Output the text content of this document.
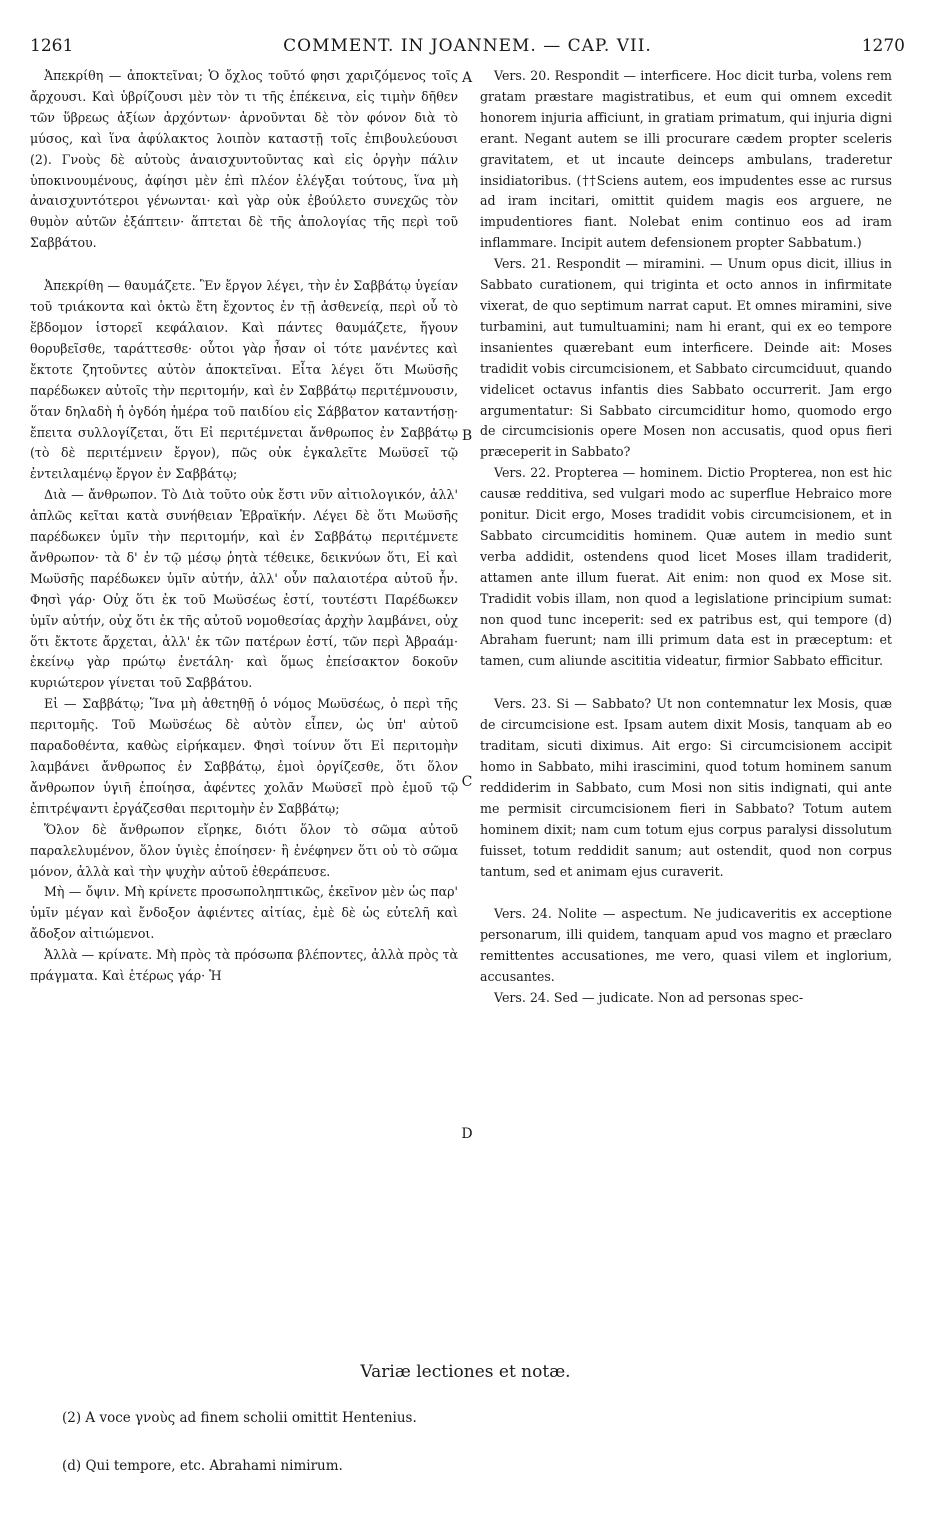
1261	COMMENT. IN JOANNEM. — CAP. VII.	1270

Ἀπεκρίθη — ἀποκτεῖναι; Ὁ ὄχλος τοῦτό φησι χαριζόμενος τοῖς ἄρχουσι. Καὶ ὑβρίζουσι μὲν τὸν τι τῆς ἐπέκεινα, εἰς τιμὴν δῆθεν τῶν ὕβρεως ἀξίων ἀρχόντων· ἀρνοῦνται δὲ τὸν φόνον διὰ τὸ μύσος, καὶ ἵνα ἀφύλακτος λοιπὸν καταστῇ τοῖς ἐπιβουλεύουσι (2). Γνοὺς δὲ αὐτοὺς ἀναισχυντοῦντας καὶ εἰς ὀργὴν πάλιν ὑποκινουμένους, ἀφίησι μὲν ἐπὶ πλέον ἐλέγξαι τούτους, ἵνα μὴ ἀναισχυντότεροι γένωνται· καὶ γὰρ οὐκ ἐβούλετο συνεχῶς τὸν θυμὸν αὐτῶν ἐξάπτειν· ἅπτεται δὲ τῆς ἀπολογίας τῆς περὶ τοῦ Σαββάτου.

Ἀπεκρίθη — θαυμάζετε. Ἓν ἔργον λέγει, τὴν ἐν Σαββάτῳ ὑγείαν τοῦ τριάκοντα καὶ ὀκτὼ ἔτη ἔχοντος ἐν τῇ ἀσθενείᾳ, περὶ οὗ τὸ ἕβδομον ἱστορεῖ κεφάλαιον. Καὶ πάντες θαυμάζετε, ἤγουν θορυβεῖσθε, ταράττεσθε· οὗτοι γὰρ ἦσαν οἱ τότε μανέντες καὶ ἔκτοτε ζητοῦντες αὐτὸν ἀποκτεῖναι. Εἶτα λέγει ὅτι Μωϋσῆς παρέδωκεν αὐτοῖς τὴν περιτομήν, καὶ ἐν Σαββάτῳ περιτέμνουσιν, ὅταν δηλαδὴ ἡ ὀγδόη ἡμέρα τοῦ παιδίου εἰς Σάββατον καταντήσῃ· ἔπειτα συλλογίζεται, ὅτι Εἰ περιτέμνεται ἄνθρωπος ἐν Σαββάτῳ (τὸ δὲ περιτέμνειν ἔργον), πῶς οὐκ ἐγκαλεῖτε Μωϋσεῖ τῷ ἐντειλαμένῳ ἔργον ἐν Σαββάτῳ;

Διὰ — ἄνθρωπον. Τὸ Διὰ τοῦτο οὐκ ἔστι νῦν αἰτιολογικόν, ἀλλ' ἁπλῶς κεῖται κατὰ συνήθειαν Ἑβραϊκήν. Λέγει δὲ ὅτι Μωϋσῆς παρέδωκεν ὑμῖν τὴν περιτομήν, καὶ ἐν Σαββάτῳ περιτέμνετε ἄνθρωπον· τὰ δ' ἐν τῷ μέσῳ ῥητὰ τέθεικε, δεικνύων ὅτι, Εἰ καὶ Μωϋσῆς παρέδωκεν ὑμῖν αὐτήν, ἀλλ' οὖν παλαιοτέρα αὐτοῦ ἦν. Φησὶ γάρ· Οὐχ ὅτι ἐκ τοῦ Μωϋσέως ἐστί, τουτέστι Παρέδωκεν ὑμῖν αὐτήν, οὐχ ὅτι ἐκ τῆς αὐτοῦ νομοθεσίας ἀρχὴν λαμβάνει, οὐχ ὅτι ἔκτοτε ἄρχεται, ἀλλ' ἐκ τῶν πατέρων ἐστί, τῶν περὶ Ἀβραάμ· ἐκείνῳ γὰρ πρώτῳ ἐνετάλη· καὶ ὅμως ἐπείσακτον δοκοῦν κυριώτερον γίνεται τοῦ Σαββάτου.

Εἰ — Σαββάτῳ; Ἵνα μὴ ἀθετηθῇ ὁ νόμος Μωϋσέως, ὁ περὶ τῆς περιτομῆς. Τοῦ Μωϋσέως δὲ αὐτὸν εἶπεν, ὡς ὑπ' αὐτοῦ παραδοθέντα, καθὼς εἰρήκαμεν. Φησὶ τοίνυν ὅτι Εἰ περιτομὴν λαμβάνει ἄνθρωπος ἐν Σαββάτῳ, ἐμοὶ ὀργίζεσθε, ὅτι ὅλον ἄνθρωπον ὑγιῆ ἐποίησα, ἀφέντες χολᾶν Μωϋσεῖ πρὸ ἐμοῦ τῷ ἐπιτρέψαντι ἐργάζεσθαι περιτομὴν ἐν Σαββάτῳ;

Ὅλον δὲ ἄνθρωπον εἴρηκε, διότι ὅλον τὸ σῶμα αὐτοῦ παραλελυμένον, ὅλον ὑγιὲς ἐποίησεν· ἢ ἐνέφηνεν ὅτι οὐ τὸ σῶμα μόνον, ἀλλὰ καὶ τὴν ψυχὴν αὐτοῦ ἐθεράπευσε.

Μὴ — ὄψιν. Μὴ κρίνετε προσωποληπτικῶς, ἐκεῖνον μὲν ὡς παρ' ὑμῖν μέγαν καὶ ἔνδοξον ἀφιέντες αἰτίας, ἐμὲ δὲ ὡς εὐτελῆ καὶ ἄδοξον αἰτιώμενοι.

Ἀλλὰ — κρίνατε. Μὴ πρὸς τὰ πρόσωπα βλέποντες, ἀλλὰ πρὸς τὰ πράγματα. Καὶ ἑτέρως γάρ· Ἡ

A
B
C
D

Vers. 20. Respondit — interficere. Hoc dicit turba, volens rem gratam præstare magistratibus, et eum qui omnem excedit honorem injuria afficiunt, in gratiam primatum, qui injuria digni erant. Negant autem se illi procurare cædem propter sceleris gravitatem, et ut incaute deinceps ambulans, traderetur insidiatoribus. (††Sciens autem, eos impudentes esse ac rursus ad iram incitari, omittit quidem magis eos arguere, ne impudentiores fiant. Nolebat enim continuo eos ad iram inflammare. Incipit autem defensionem propter Sabbatum.)

Vers. 21. Respondit — miramini. — Unum opus dicit, illius in Sabbato curationem, qui triginta et octo annos in infirmitate vixerat, de quo septimum narrat caput. Et omnes miramini, sive turbamini, aut tumultuamini; nam hi erant, qui ex eo tempore insanientes quærebant eum interficere. Deinde ait: Moses tradidit vobis circumcisionem, et Sabbato circumciduut, quando videlicet octavus infantis dies Sabbato occurrerit. Jam ergo argumentatur: Si Sabbato circumciditur homo, quomodo ergo de circumcisionis opere Mosen non accusatis, quod opus fieri præceperit in Sabbato?

Vers. 22. Propterea — hominem. Dictio Propterea, non est hic causæ redditiva, sed vulgari modo ac superflue Hebraico more ponitur. Dicit ergo, Moses tradidit vobis circumcisionem, et in Sabbato circumciditis hominem. Quæ autem in medio sunt verba addidit, ostendens quod licet Moses illam tradiderit, attamen ante illum fuerat. Ait enim: non quod ex Mose sit. Tradidit vobis illam, non quod a legislatione principium sumat: non quod tunc inceperit: sed ex patribus est, qui tempore (d) Abraham fuerunt; nam illi primum data est in præceptum: et tamen, cum aliunde ascititia videatur, firmior Sabbato efficitur.

Vers. 23. Si — Sabbato? Ut non contemnatur lex Mosis, quæ de circumcisione est. Ipsam autem dixit Mosis, tanquam ab eo traditam, sicuti diximus. Ait ergo: Si circumcisionem accipit homo in Sabbato, mihi irascimini, quod totum hominem sanum reddiderim in Sabbato, cum Mosi non sitis indignati, qui ante me permisit circumcisionem fieri in Sabbato? Totum autem hominem dixit; nam cum totum ejus corpus paralysi dissolutum fuisset, totum reddidit sanum; aut ostendit, quod non corpus tantum, sed et animam ejus curaverit.

Vers. 24. Nolite — aspectum. Ne judicaveritis ex acceptione personarum, illi quidem, tanquam apud vos magno et præclaro remittentes accusationes, me vero, quasi vilem et inglorium, accusantes.

Vers. 24. Sed — judicate. Non ad personas spec-

Variæ lectiones et notæ.
(2) A voce γνοὺς ad finem scholii omittit Hentenius.
(d) Qui tempore, etc. Abrahami nimirum.
